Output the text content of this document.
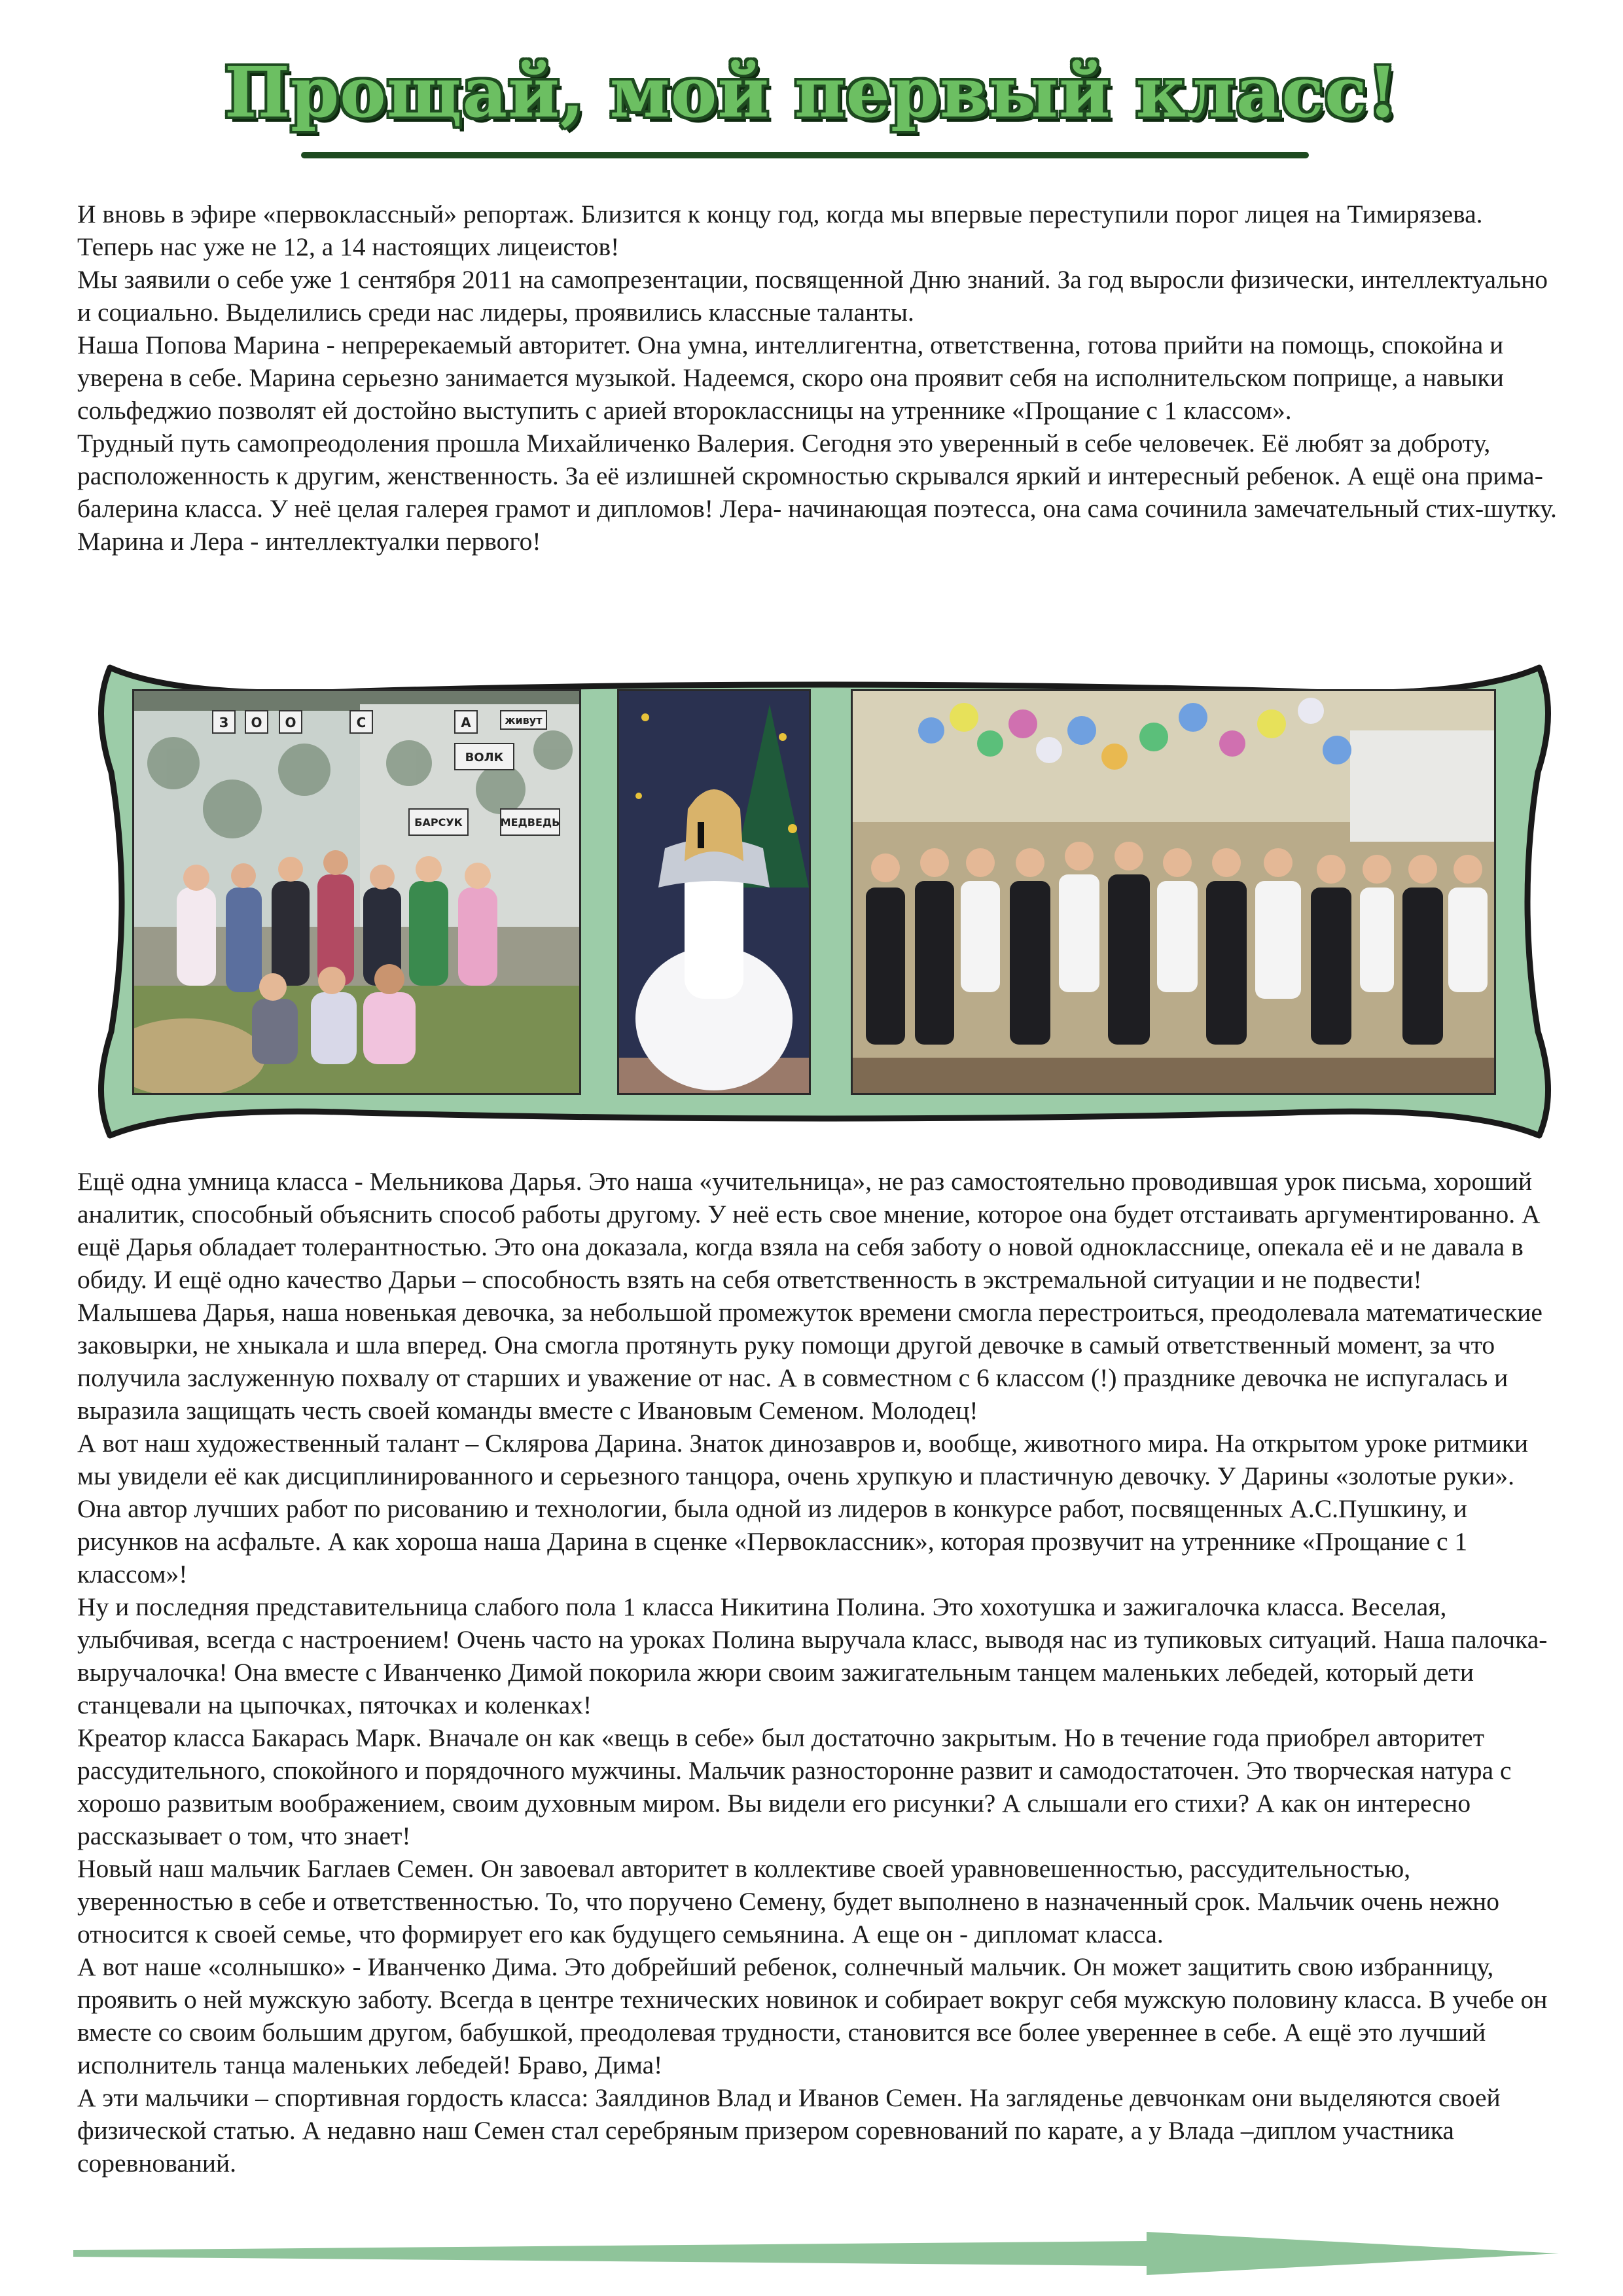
Прощай, мой первый класс!

И вновь в эфире «первоклассный» репортаж. Близится к концу год, когда мы впервые переступили порог лицея на Тимирязева. Теперь нас уже не 12, а 14 настоящих лицеистов!

Мы заявили о себе уже 1 сентября 2011 на самопрезентации, посвященной Дню знаний. За год выросли физически, интеллектуально и социально. Выделились среди нас лидеры, проявились классные таланты.

Наша Попова Марина - непререкаемый авторитет. Она умна, интеллигентна, ответственна, готова прийти на помощь, спокойна и уверена в себе. Марина серьезно занимается музыкой. Надеемся, скоро она проявит себя на исполнительском поприще, а навыки сольфеджио позволят ей достойно выступить с арией второклассницы на утреннике «Прощание с 1 классом».

Трудный путь самопреодоления прошла Михайличенко Валерия. Сегодня это уверенный в себе человечек. Её любят за доброту, расположенность к другим, женственность. За её излишней скромностью скрывался яркий и интересный ребенок. А ещё она прима-балерина класса. У неё целая галерея грамот и дипломов! Лера- начинающая поэтесса, она сама сочинила замечательный стих-шутку.

Марина и Лера - интеллектуалки первого!

З О О	С	А	живут
ВОЛК
БАРСУК	МЕДВЕДЬ

Ещё одна умница класса - Мельникова Дарья. Это наша «учительница», не раз самостоятельно проводившая урок письма, хороший аналитик, способный объяснить способ работы другому. У неё есть свое мнение, которое она будет отстаивать аргументированно. А ещё Дарья обладает толерантностью. Это она доказала, когда взяла на себя заботу о новой однокласснице, опекала её и не давала в обиду. И ещё одно качество Дарьи – способность взять на себя ответственность в экстремальной ситуации и не подвести!

Малышева Дарья, наша новенькая девочка, за небольшой промежуток времени смогла перестроиться, преодолевала математические заковырки, не хныкала и шла вперед. Она смогла протянуть руку помощи другой девочке в самый ответственный момент, за что получила заслуженную похвалу от старших и уважение от нас. А в совместном с 6 классом (!) празднике девочка не испугалась и выразила защищать честь своей команды вместе с Ивановым Семеном. Молодец!

А вот наш художественный талант – Склярова Дарина. Знаток динозавров и, вообще, животного мира. На открытом уроке ритмики мы увидели её как дисциплинированного и серьезного танцора, очень хрупкую и пластичную девочку. У Дарины «золотые руки». Она автор лучших работ по рисованию и технологии, была одной из лидеров в конкурсе работ, посвященных А.С.Пушкину, и рисунков на асфальте. А как хороша наша Дарина в сценке «Первоклассник», которая прозвучит на утреннике «Прощание с 1 классом»!

Ну и последняя представительница слабого пола 1 класса Никитина Полина. Это хохотушка и зажигалочка класса. Веселая, улыбчивая, всегда с настроением! Очень часто на уроках Полина выручала класс, выводя нас из тупиковых ситуаций. Наша палочка-выручалочка! Она вместе с Иванченко Димой покорила жюри своим зажигательным танцем маленьких лебедей, который дети станцевали на цыпочках, пяточках и коленках!

Креатор класса Бакарась Марк. Вначале он как «вещь в себе» был достаточно закрытым. Но в течение года приобрел авторитет рассудительного, спокойного и порядочного мужчины. Мальчик разносторонне развит и самодостаточен. Это творческая натура с хорошо развитым воображением, своим духовным миром. Вы видели его рисунки? А слышали его стихи? А как он интересно рассказывает о том, что знает!

Новый наш мальчик Баглаев Семен. Он завоевал авторитет в коллективе своей уравновешенностью, рассудительностью, уверенностью в себе и ответственностью. То, что поручено Семену, будет выполнено в назначенный срок. Мальчик очень нежно относится к своей семье, что формирует его как будущего семьянина. А еще он - дипломат класса.

А вот наше «солнышко» - Иванченко Дима. Это добрейший ребенок, солнечный мальчик. Он может защитить свою избранницу, проявить о ней мужскую заботу. Всегда в центре технических новинок и собирает вокруг себя мужскую половину класса. В учебе он вместе со своим большим другом, бабушкой, преодолевая трудности, становится все более увереннее в себе. А ещё это лучший исполнитель танца маленьких лебедей! Браво, Дима!

А эти мальчики – спортивная гордость класса: Заялдинов Влад и Иванов Семен. На загляденье девчонкам они выделяются своей физической статью. А недавно наш Семен стал серебряным призером соревнований по карате, а у Влада –диплом участника соревнований.
